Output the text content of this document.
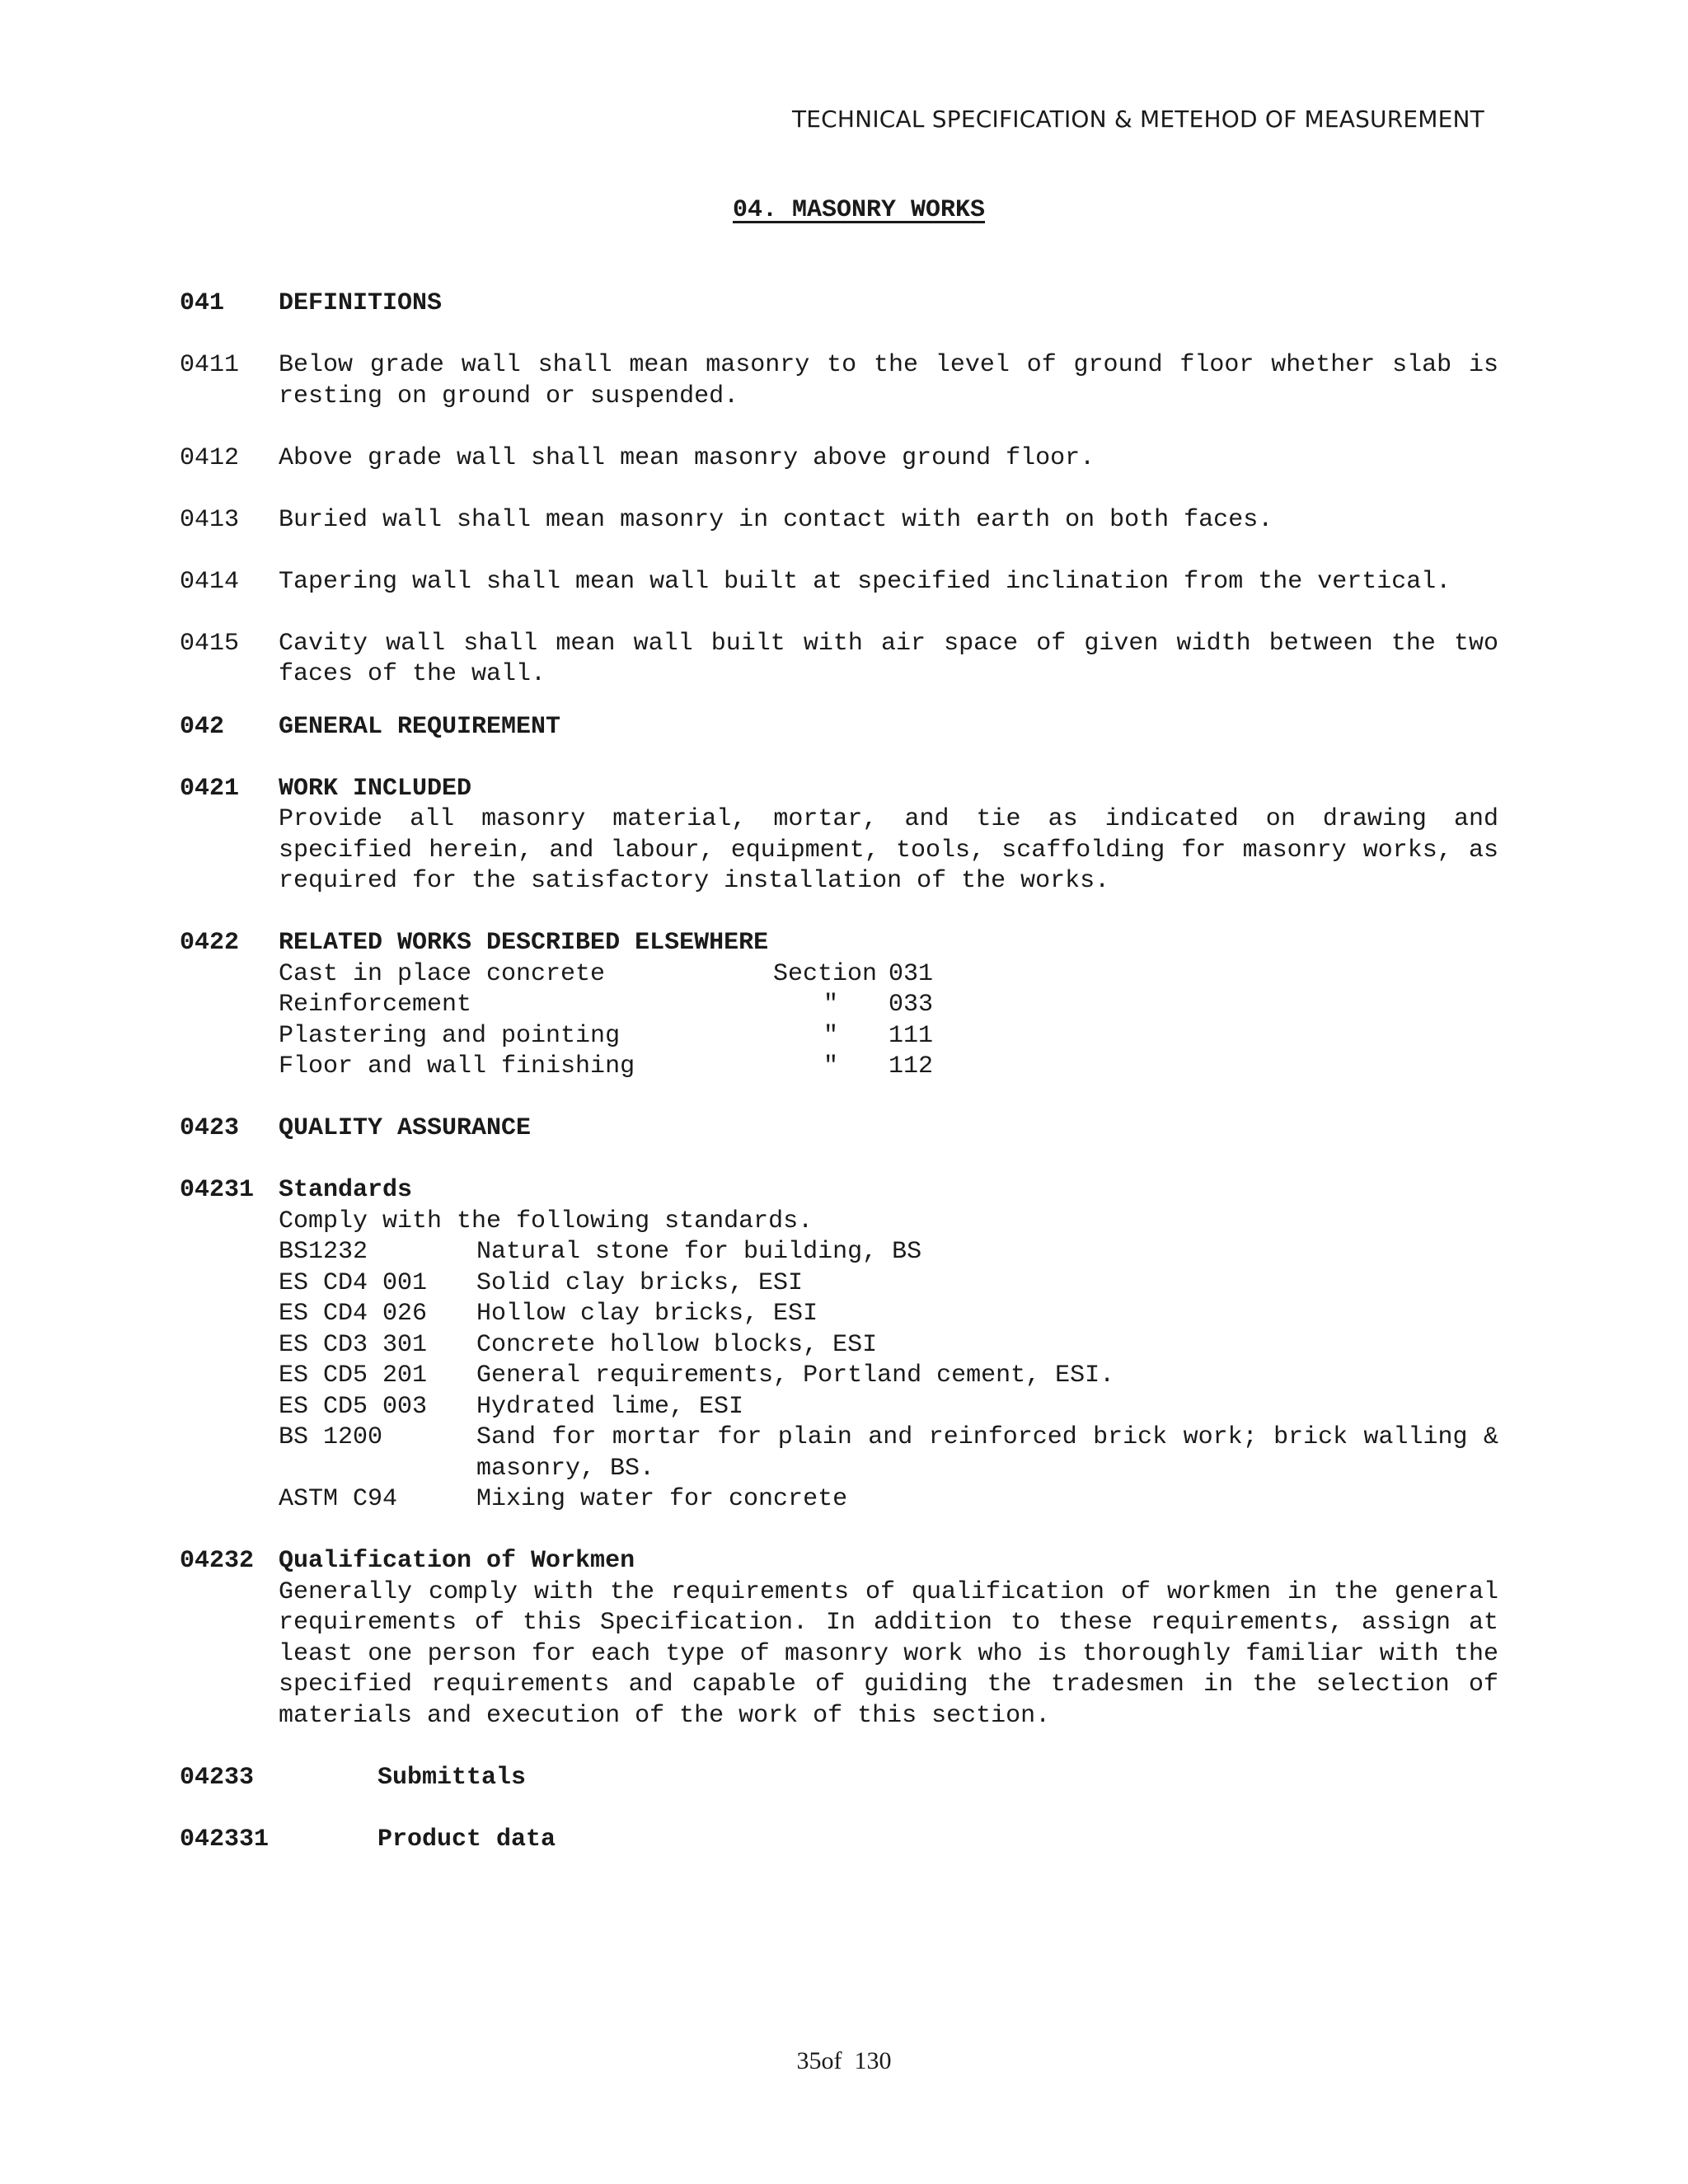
TECHNICAL SPECIFICATION & METEHOD OF MEASUREMENT
04. MASONRY WORKS
041	DEFINITIONS
0411	Below grade wall shall mean masonry to the level of ground floor whether slab is resting on ground or suspended.
0412	Above grade wall shall mean masonry above ground floor.
0413	Buried wall shall mean masonry in contact with earth on both faces.
0414	Tapering wall shall mean wall built at specified inclination from the vertical.
0415	Cavity wall shall mean wall built with air space of given width between the two faces of the wall.
042	GENERAL REQUIREMENT
0421	WORK INCLUDED
Provide all masonry material, mortar, and tie as indicated on drawing and specified herein, and labour, equipment, tools, scaffolding for masonry works, as required for the satisfactory installation of the works.
0422	RELATED WORKS DESCRIBED ELSEWHERE
Cast in place concrete	Section 031
Reinforcement	"	033
Plastering and pointing	"	111
Floor and wall finishing	"	112
0423	QUALITY ASSURANCE
04231 Standards
Comply with the following standards.
BS1232	Natural stone for building, BS
ES CD4 001	Solid clay bricks, ESI
ES CD4 026	Hollow clay bricks, ESI
ES CD3 301	Concrete hollow blocks, ESI
ES CD5 201	General requirements, Portland cement, ESI.
ES CD5 003	Hydrated lime, ESI
BS 1200	Sand for mortar for plain and reinforced brick work; brick walling & masonry, BS.
ASTM C94	Mixing water for concrete
04232 Qualification of Workmen
Generally comply with the requirements of qualification of workmen in the general requirements of this Specification. In addition to these requirements, assign at least one person for each type of masonry work who is thoroughly familiar with the specified requirements and capable of guiding the tradesmen in the selection of materials and execution of the work of this section.
04233	Submittals
042331	Product data
35of  130
